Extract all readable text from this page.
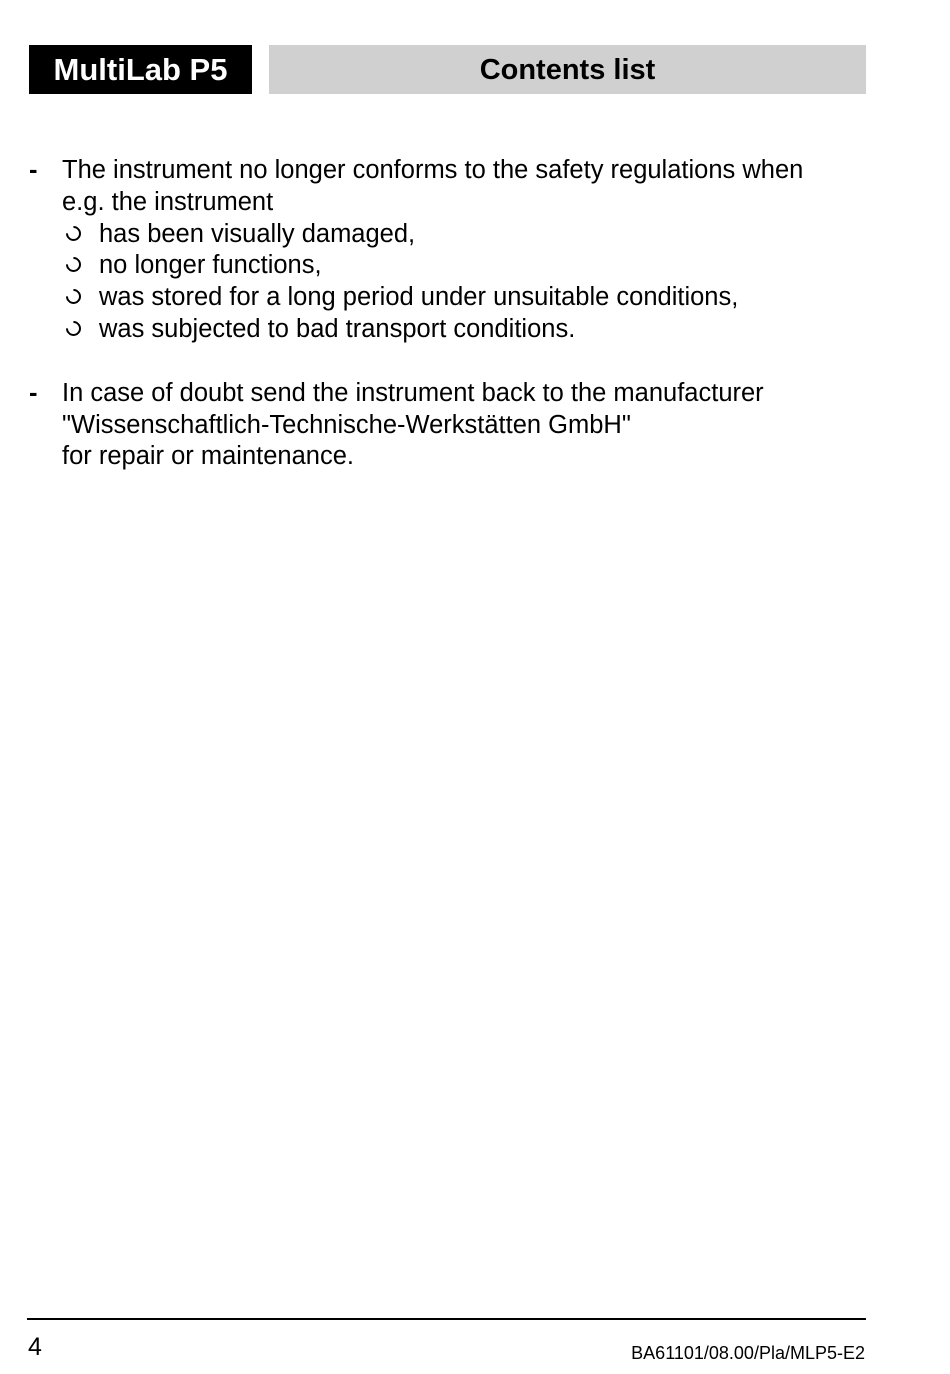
MultiLab P5	Contents list
- The instrument no longer conforms to the safety regulations when
e.g. the instrument
has been visually damaged,
no longer functions,
was stored for a long period under unsuitable conditions,
was subjected to bad transport conditions.
- In case of doubt send the instrument back to the manufacturer
"Wissenschaftlich-Technische-Werkstätten GmbH"
for repair or maintenance.
4	BA61101/08.00/Pla/MLP5-E2
